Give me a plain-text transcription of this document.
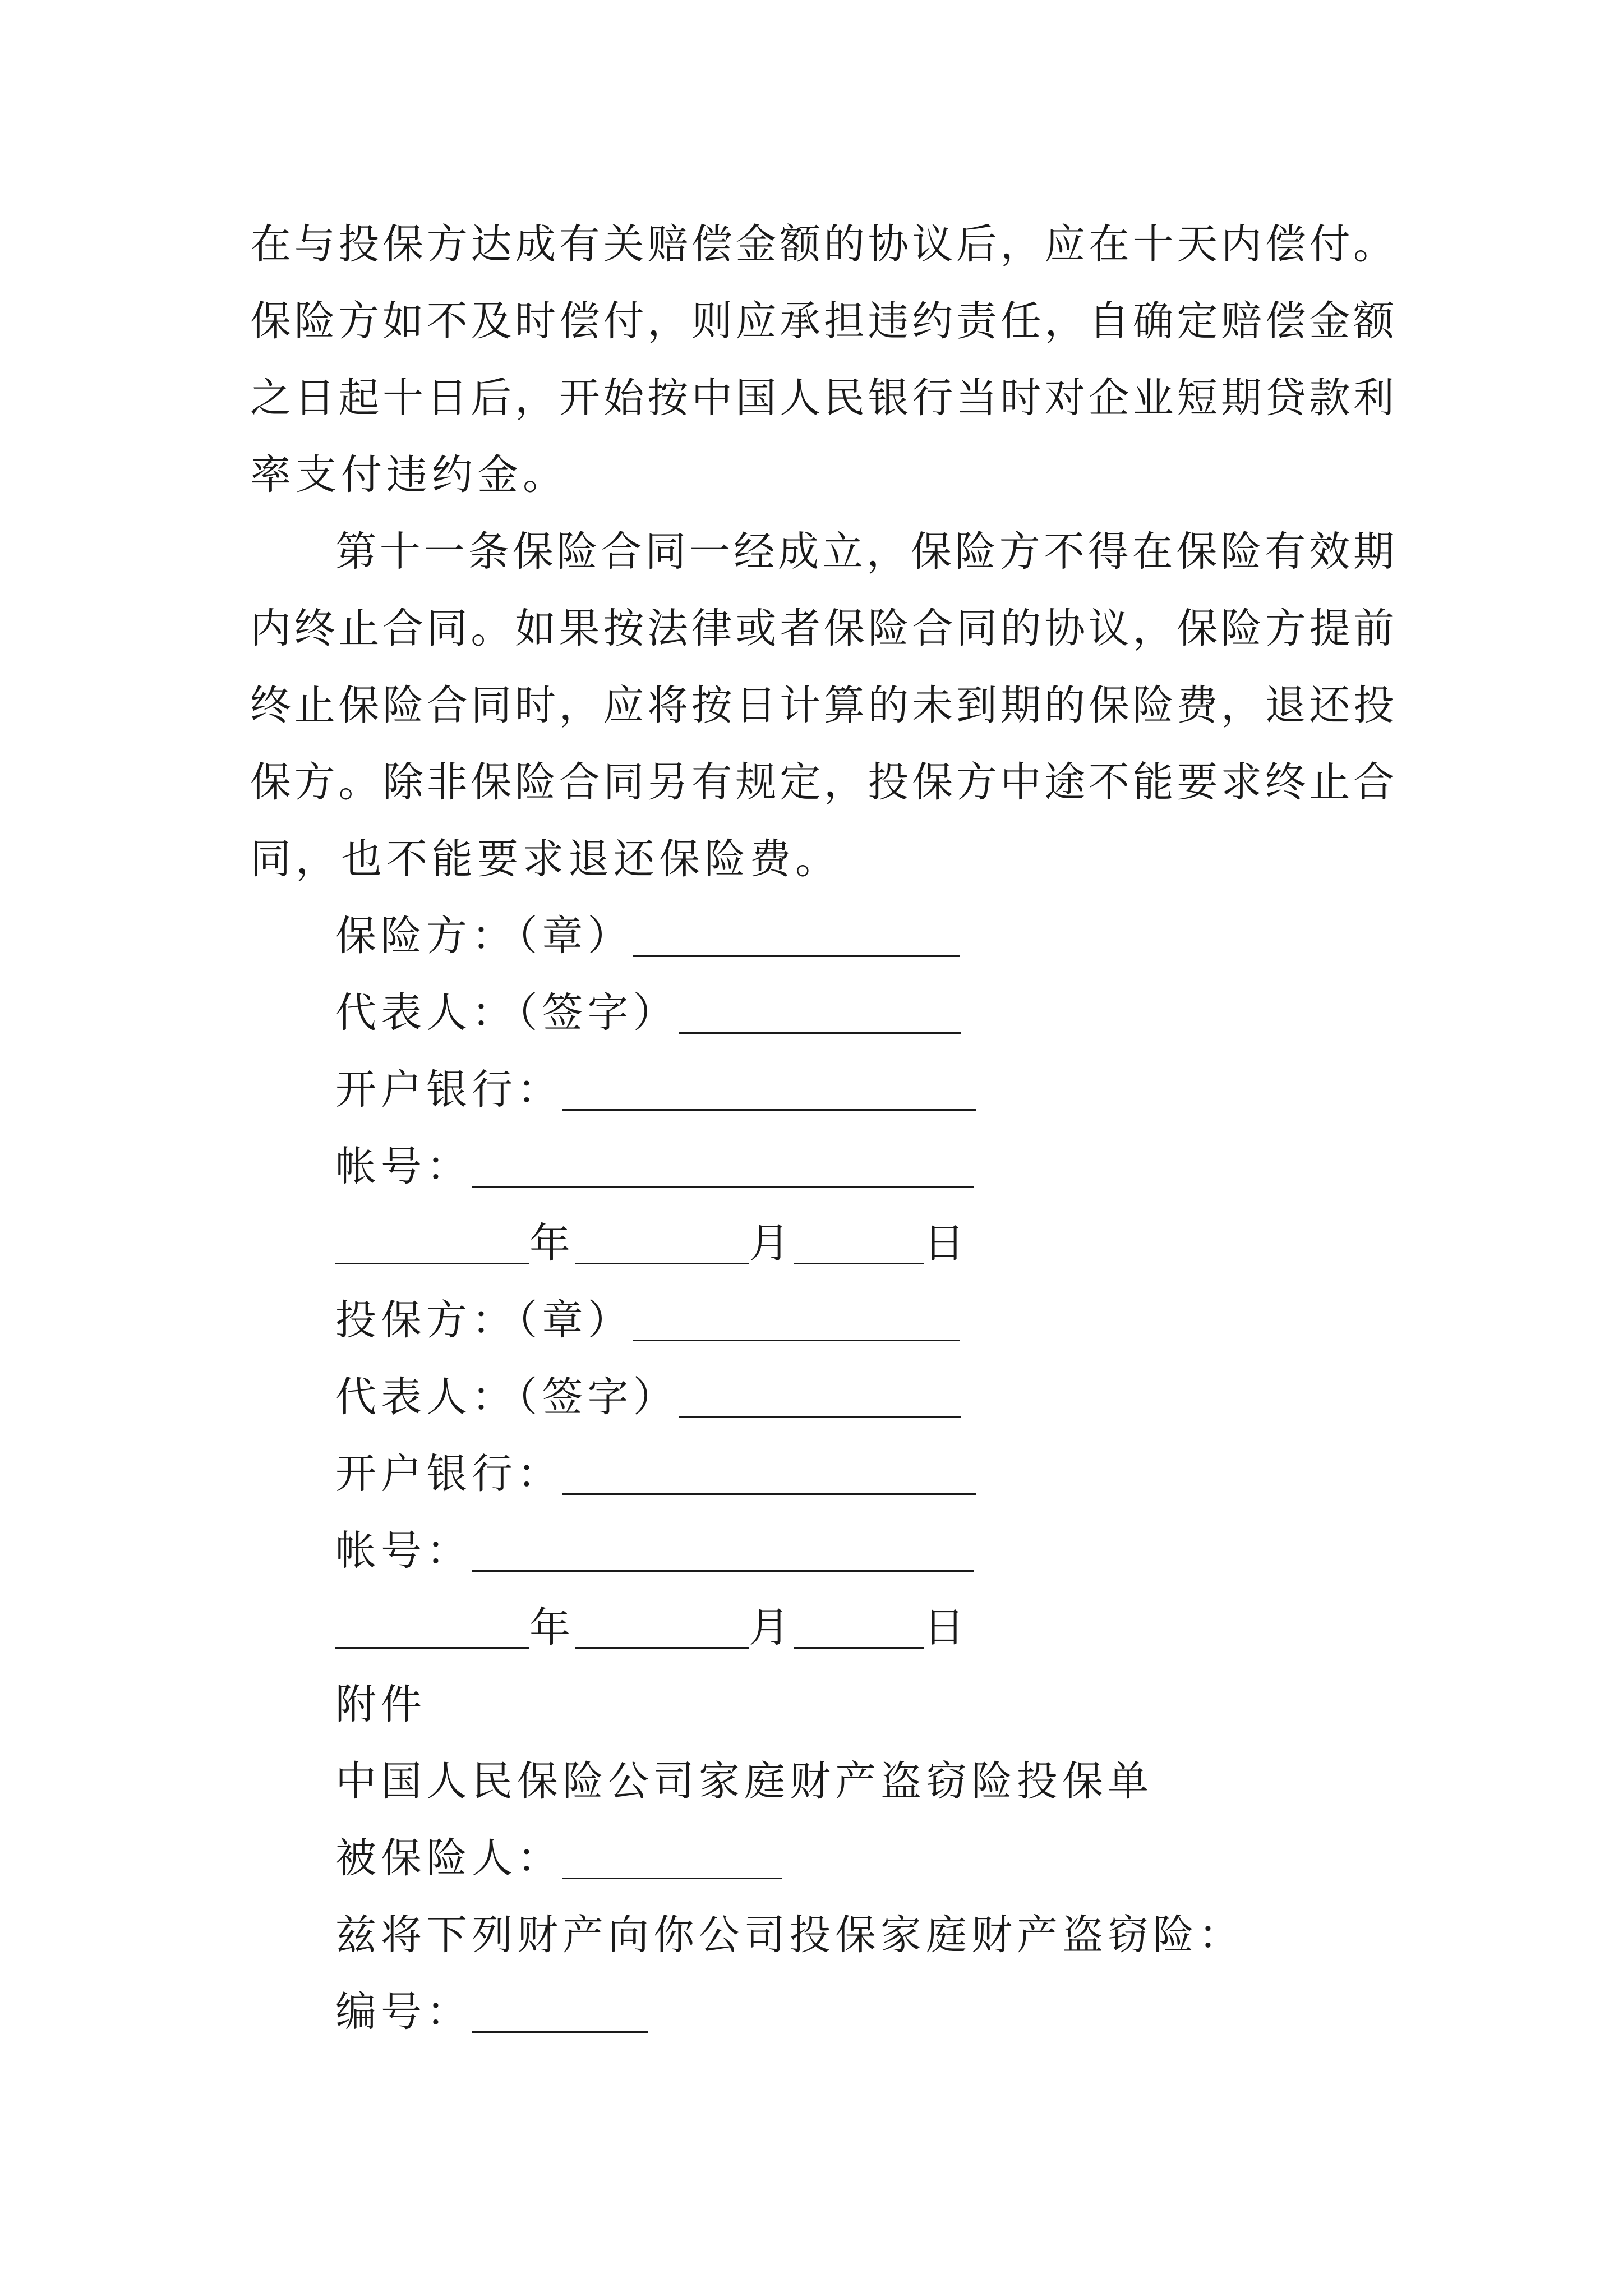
在与投保方达成有关赔偿金额的协议后，应在十天内偿付。
保险方如不及时偿付，则应承担违约责任，自确定赔偿金额
之日起十日后，开始按中国人民银行当时对企业短期贷款利
率支付违约金。
第十一条保险合同一经成立，保险方不得在保险有效期
内终止合同。如果按法律或者保险合同的协议，保险方提前
终止保险合同时，应将按日计算的未到期的保险费，退还投
保方。除非保险合同另有规定，投保方中途不能要求终止合
同，也不能要求退还保险费。
保险方：（章）
代表人：（签字）
开户银行：
帐号：
年	月	日
投保方：（章）
代表人：（签字）
开户银行：
帐号：
年	月	日
附件
中国人民保险公司家庭财产盗窃险投保单
被保险人：
兹将下列财产向你公司投保家庭财产盗窃险：
编号：
